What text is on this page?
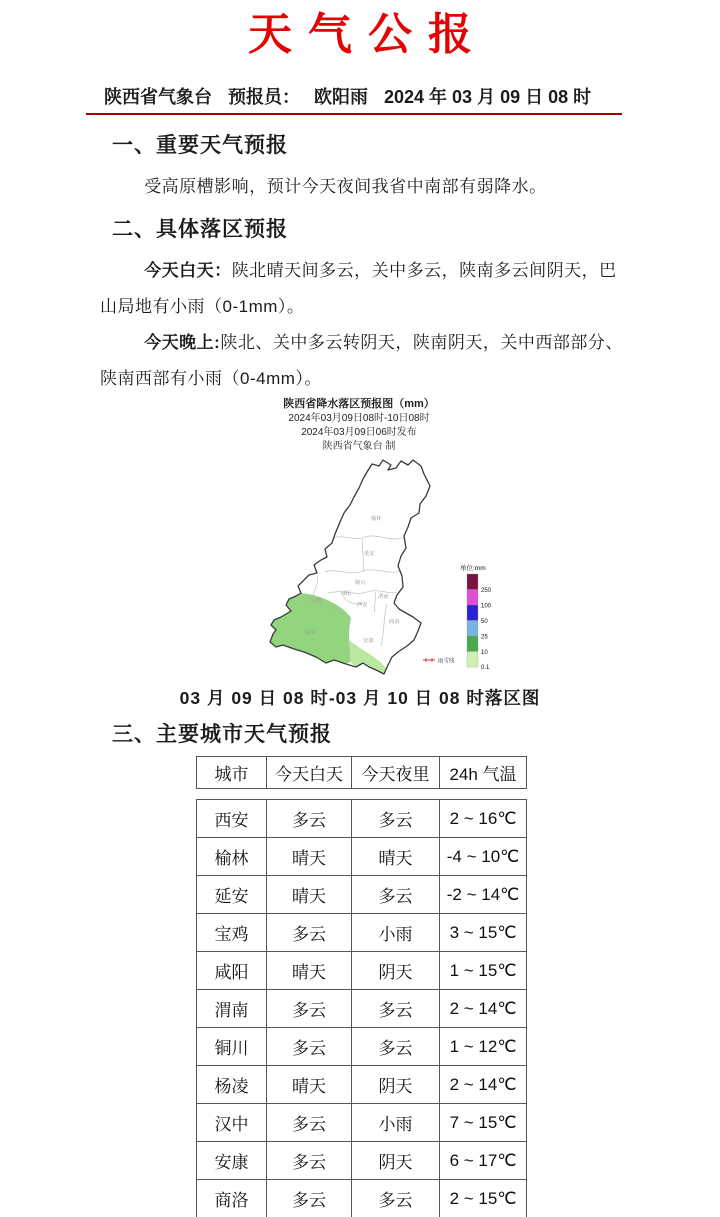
天气公报
陕西省气象台 预报员： 欧阳雨 2024 年 03 月 09 日 08 时
一、重要天气预报

受高原槽影响，预计今天夜间我省中南部有弱降水。

二、具体落区预报

今天白天：陕北晴天间多云，关中多云，陕南多云间阴天，巴山局地有小雨（0-1mm）。

今天晚上:陕北、关中多云转阴天，陕南阴天，关中西部部分、陕南西部有小雨（0-4mm）。

陕西省降水落区预报图（mm）
2024年03月09日08时-10日08时
2024年03月09日06时发布
陕西省气象台 制
榆林
延安
铜川
渭南
咸阳
西安
宝鸡
汉中
安康
商洛
单位:mm
250
100
50
25
10
0.1
雨雪线
03 月 09 日 08 时-03 月 10 日 08 时落区图
三、主要城市天气预报
城市	今天白天	今天夜里	24h 气温
西安	多云	多云	2 ~ 16℃
榆林	晴天	晴天	-4 ~ 10℃
延安	晴天	多云	-2 ~ 14℃
宝鸡	多云	小雨	3 ~ 15℃
咸阳	晴天	阴天	1 ~ 15℃
渭南	多云	多云	2 ~ 14℃
铜川	多云	多云	1 ~ 12℃
杨凌	晴天	阴天	2 ~ 14℃
汉中	多云	小雨	7 ~ 15℃
安康	多云	阴天	6 ~ 17℃
商洛	多云	多云	2 ~ 15℃
